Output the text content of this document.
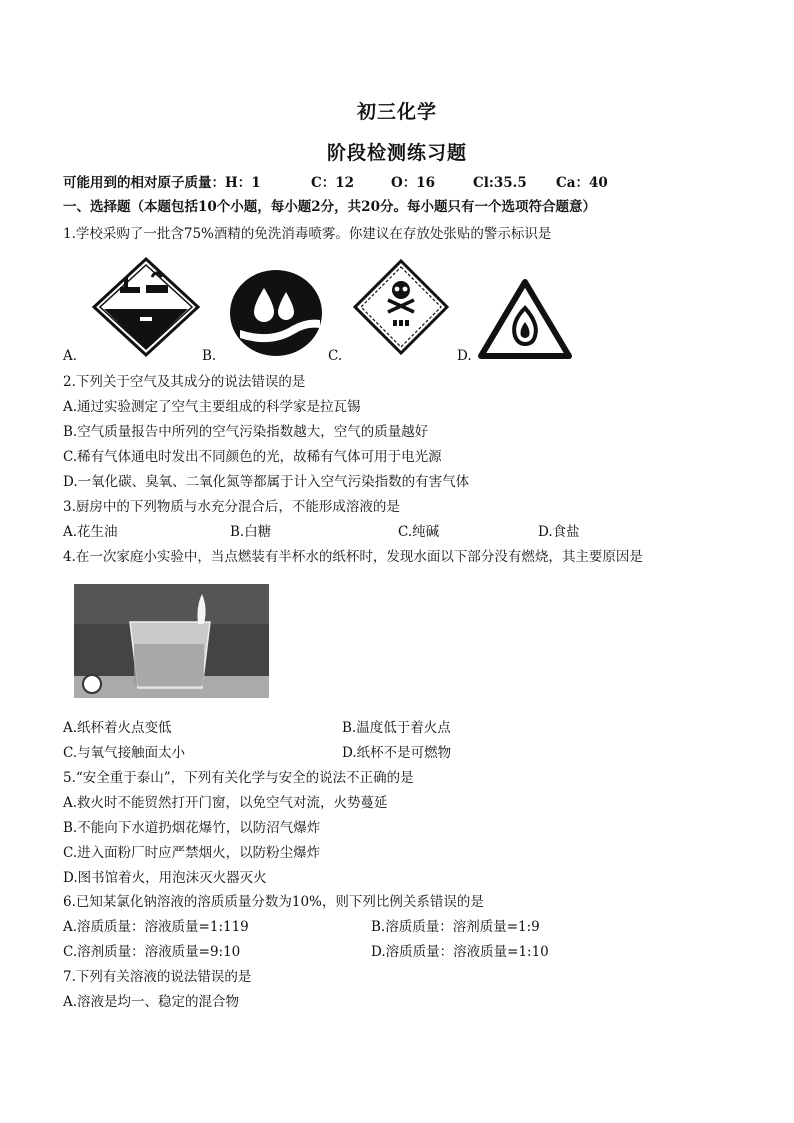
初三化学
阶段检测练习题
可能用到的相对原子质量： H：1	C：12	O：16	Cl:35.5	Ca：40
一、选择题（本题包括10个小题，每小题2分，共20分。每小题只有一个选项符合题意）
1.学校采购了一批含75%酒精的免洗消毒喷雾。你建议在存放处张贴的警示标识是
A.	B.	C.	D.
2.下列关于空气及其成分的说法错误的是
A.通过实验测定了空气主要组成的科学家是拉瓦锡
B.空气质量报告中所列的空气污染指数越大，空气的质量越好
C.稀有气体通电时发出不同颜色的光，故稀有气体可用于电光源
D.一氧化碳、臭氧、二氧化氮等都属于计入空气污染指数的有害气体
3.厨房中的下列物质与水充分混合后，不能形成溶液的是
A.花生油	B.白糖	C.纯碱	D.食盐
4.在一次家庭小实验中，当点燃装有半杯水的纸杯时，发现水面以下部分没有燃烧，其主要原因是
A.纸杯着火点变低	B.温度低于着火点
C.与氧气接触面太小	D.纸杯不是可燃物
5.“安全重于泰山”，下列有关化学与安全的说法不正确的是
A.救火时不能贸然打开门窗，以免空气对流，火势蔓延
B.不能向下水道扔烟花爆竹，以防沼气爆炸
C.进入面粉厂时应严禁烟火，以防粉尘爆炸
D.图书馆着火，用泡沫灭火器灭火
6.已知某氯化钠溶液的溶质质量分数为10%，则下列比例关系错误的是
A.溶质质量：溶液质量=1:119	B.溶质质量：溶剂质量=1:9
C.溶剂质量：溶液质量=9:10	D.溶质质量：溶液质量=1:10
7.下列有关溶液的说法错误的是
A.溶液是均一、稳定的混合物
